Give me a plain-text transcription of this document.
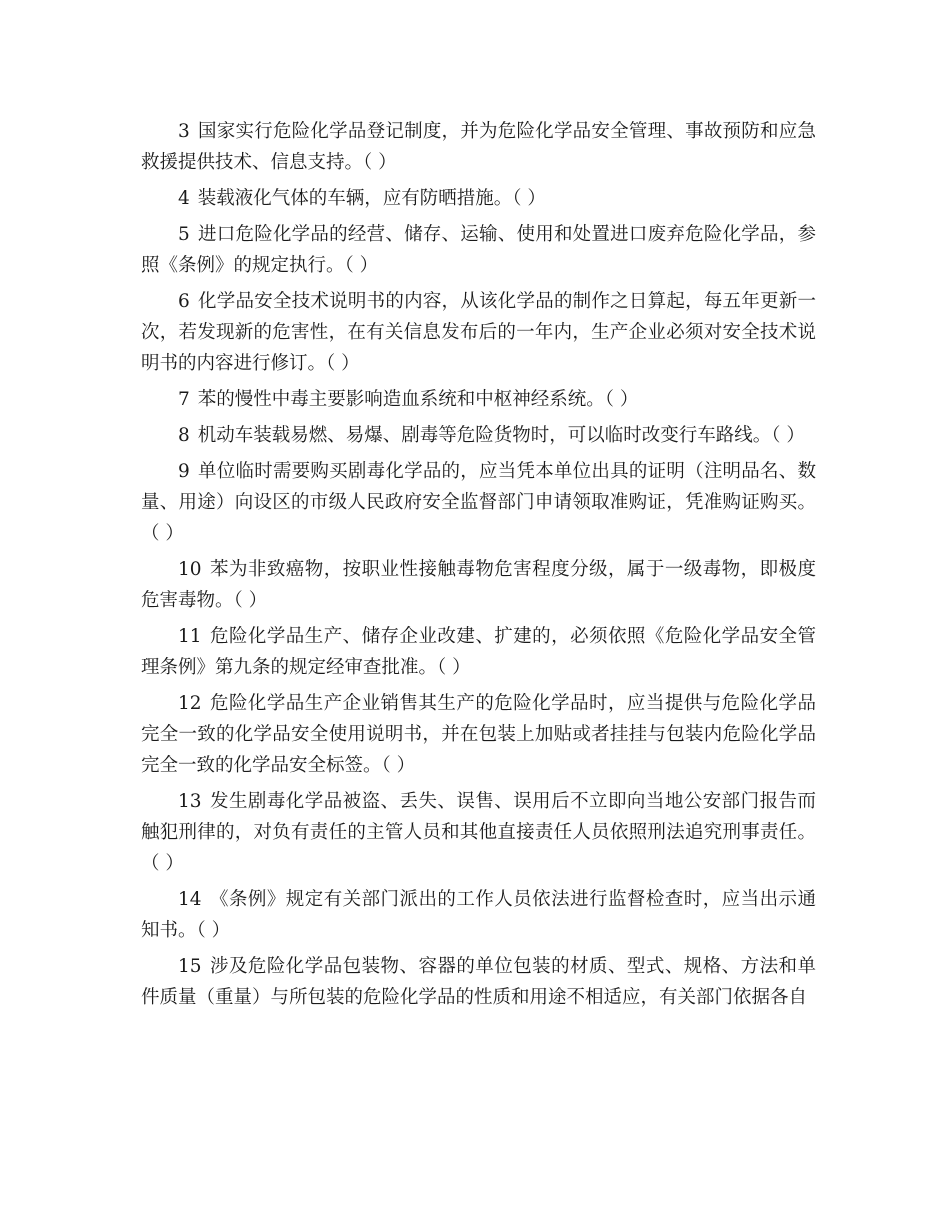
3 国家实行危险化学品登记制度，并为危险化学品安全管理、事故预防和应急救援提供技术、信息支持。（ ）

4 装载液化气体的车辆，应有防晒措施。（ ）

5 进口危险化学品的经营、储存、运输、使用和处置进口废弃危险化学品，参照《条例》的规定执行。（ ）

6 化学品安全技术说明书的内容，从该化学品的制作之日算起，每五年更新一次，若发现新的危害性，在有关信息发布后的一年内，生产企业必须对安全技术说明书的内容进行修订。（ ）

7 苯的慢性中毒主要影响造血系统和中枢神经系统。（ ）

8 机动车装载易燃、易爆、剧毒等危险货物时，可以临时改变行车路线。（ ）

9 单位临时需要购买剧毒化学品的，应当凭本单位出具的证明（注明品名、数量、用途）向设区的市级人民政府安全监督部门申请领取准购证，凭准购证购买。（ ）

10 苯为非致癌物，按职业性接触毒物危害程度分级，属于一级毒物，即极度危害毒物。（ ）

11 危险化学品生产、储存企业改建、扩建的，必须依照《危险化学品安全管理条例》第九条的规定经审查批准。（ ）

12 危险化学品生产企业销售其生产的危险化学品时，应当提供与危险化学品完全一致的化学品安全使用说明书，并在包装上加贴或者挂挂与包装内危险化学品完全一致的化学品安全标签。（ ）

13 发生剧毒化学品被盗、丢失、误售、误用后不立即向当地公安部门报告而触犯刑律的，对负有责任的主管人员和其他直接责任人员依照刑法追究刑事责任。（ ）

14 《条例》规定有关部门派出的工作人员依法进行监督检查时，应当出示通知书。（ ）

15 涉及危险化学品包装物、容器的单位包装的材质、型式、规格、方法和单件质量（重量）与所包装的危险化学品的性质和用途不相适应，有关部门依据各自
